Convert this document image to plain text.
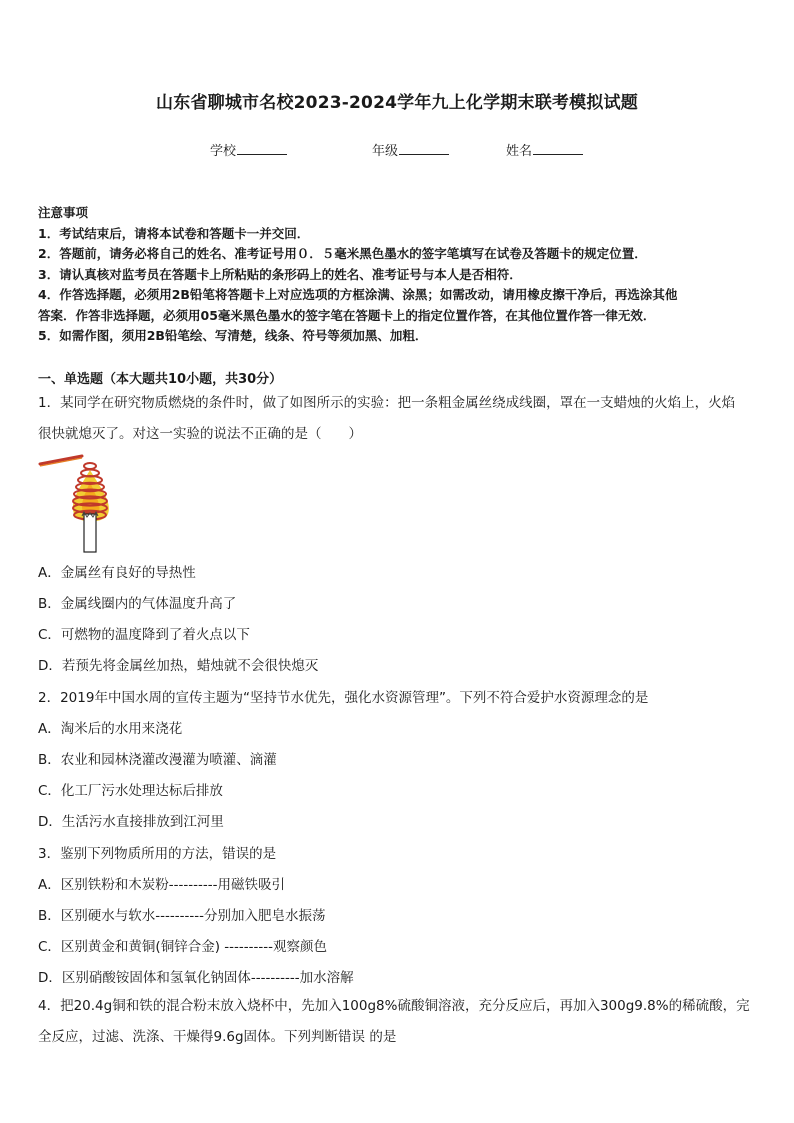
山东省聊城市名校2023-2024学年九上化学期末联考模拟试题
学校	年级	姓名

注意事项

1．考试结束后，请将本试卷和答题卡一并交回．

2．答题前，请务必将自己的姓名、准考证号用０．５毫米黑色墨水的签字笔填写在试卷及答题卡的规定位置．

3．请认真核对监考员在答题卡上所粘贴的条形码上的姓名、准考证号与本人是否相符．

4．作答选择题，必须用2B铅笔将答题卡上对应选项的方框涂满、涂黑；如需改动，请用橡皮擦干净后，再选涂其他

答案．作答非选择题，必须用05毫米黑色墨水的签字笔在答题卡上的指定位置作答，在其他位置作答一律无效．

5．如需作图，须用2B铅笔绘、写清楚，线条、符号等须加黑、加粗．

一、单选题（本大题共10小题，共30分）

1．某同学在研究物质燃烧的条件时，做了如图所示的实验：把一条粗金属丝绕成线圈，罩在一支蜡烛的火焰上，火焰

很快就熄灭了。对这一实验的说法不正确的是（　　）

A．金属丝有良好的导热性
B．金属线圈内的气体温度升高了
C．可燃物的温度降到了着火点以下
D．若预先将金属丝加热，蜡烛就不会很快熄灭
2．2019年中国水周的宣传主题为“坚持节水优先，强化水资源管理”。下列不符合爱护水资源理念的是
A．淘米后的水用来浇花
B．农业和园林浇灌改漫灌为喷灌、滴灌
C．化工厂污水处理达标后排放
D．生活污水直接排放到江河里
3．鉴别下列物质所用的方法，错误的是
A．区别铁粉和木炭粉----------用磁铁吸引
B．区别硬水与软水----------分别加入肥皂水振荡
C．区别黄金和黄铜(铜锌合金) ----------观察颜色
D．区别硝酸铵固体和氢氧化钠固体----------加水溶解

4．把20.4g铜和铁的混合粉末放入烧杯中，先加入100g8%硫酸铜溶液，充分反应后，再加入300g9.8%的稀硫酸，完

全反应，过滤、洗涤、干燥得9.6g固体。下列判断错误 的是
